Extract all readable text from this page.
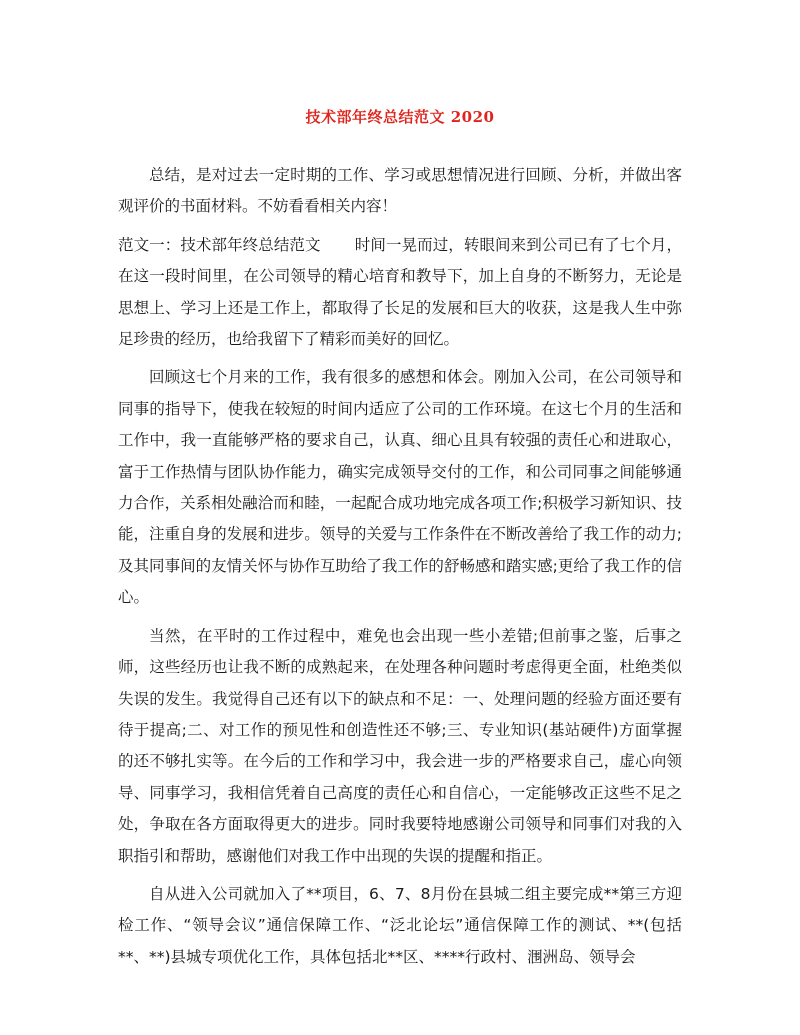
技术部年终总结范文 2020

总结，是对过去一定时期的工作、学习或思想情况进行回顾、分析，并做出客观评价的书面材料。不妨看看相关内容！

范文一：技术部年终总结范文 时间一晃而过，转眼间来到公司已有了七个月，在这一段时间里，在公司领导的精心培育和教导下，加上自身的不断努力，无论是思想上、学习上还是工作上，都取得了长足的发展和巨大的收获，这是我人生中弥足珍贵的经历，也给我留下了精彩而美好的回忆。

回顾这七个月来的工作，我有很多的感想和体会。刚加入公司，在公司领导和同事的指导下，使我在较短的时间内适应了公司的工作环境。在这七个月的生活和工作中，我一直能够严格的要求自己，认真、细心且具有较强的责任心和进取心，富于工作热情与团队协作能力，确实完成领导交付的工作，和公司同事之间能够通力合作，关系相处融洽而和睦，一起配合成功地完成各项工作;积极学习新知识、技能，注重自身的发展和进步。领导的关爱与工作条件在不断改善给了我工作的动力;及其同事间的友情关怀与协作互助给了我工作的舒畅感和踏实感;更给了我工作的信心。

当然，在平时的工作过程中，难免也会出现一些小差错;但前事之鉴，后事之师，这些经历也让我不断的成熟起来，在处理各种问题时考虑得更全面，杜绝类似失误的发生。我觉得自己还有以下的缺点和不足：一、处理问题的经验方面还要有待于提高;二、对工作的预见性和创造性还不够;三、专业知识(基站硬件)方面掌握的还不够扎实等。在今后的工作和学习中，我会进一步的严格要求自己，虚心向领导、同事学习，我相信凭着自己高度的责任心和自信心，一定能够改正这些不足之处，争取在各方面取得更大的进步。同时我要特地感谢公司领导和同事们对我的入职指引和帮助，感谢他们对我工作中出现的失误的提醒和指正。

自从进入公司就加入了**项目，6、7、8月份在县城二组主要完成**第三方迎检工作、“领导会议”通信保障工作、“泛北论坛”通信保障工作的测试、**(包括**、**)县城专项优化工作，具体包括北**区、****行政村、涠洲岛、领导会
